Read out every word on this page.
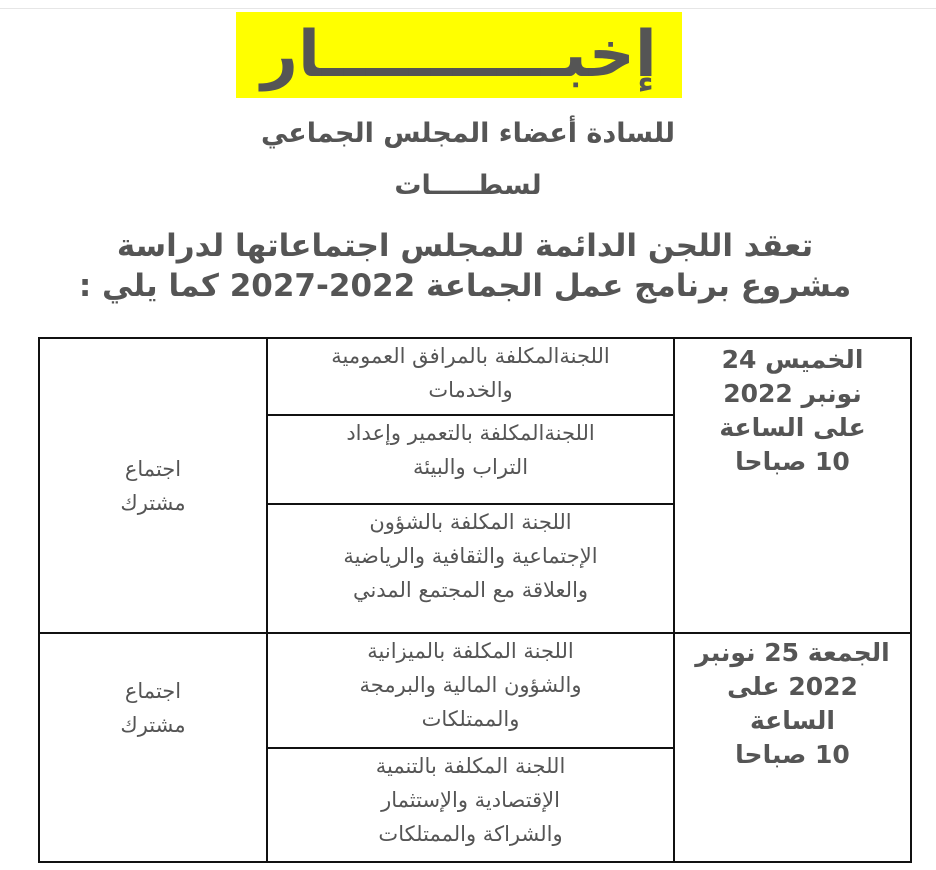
إخبـــــــــــار
للسادة أعضاء المجلس الجماعي
لسطـــــات
تعقد اللجن الدائمة للمجلس اجتماعاتها لدراسة
مشروع برنامج عمل الجماعة 2022-2027 كما يلي :
الخميس 24
نونبر 2022
على الساعة
10 صباحا
اللجنةالمكلفة بالمرافق العمومية
والخدمات
اللجنةالمكلفة بالتعمير وإعداد
التراب والبيئة
اللجنة المكلفة بالشؤون
الإجتماعية والثقافية والرياضية
والعلاقة مع المجتمع المدني
اجتماع
مشترك
الجمعة 25 نونبر
2022 على
الساعة
10 صباحا
اللجنة المكلفة بالميزانية
والشؤون المالية والبرمجة
والممتلكات
اللجنة المكلفة بالتنمية
الإقتصادية والإستثمار
والشراكة والممتلكات
اجتماع
مشترك
